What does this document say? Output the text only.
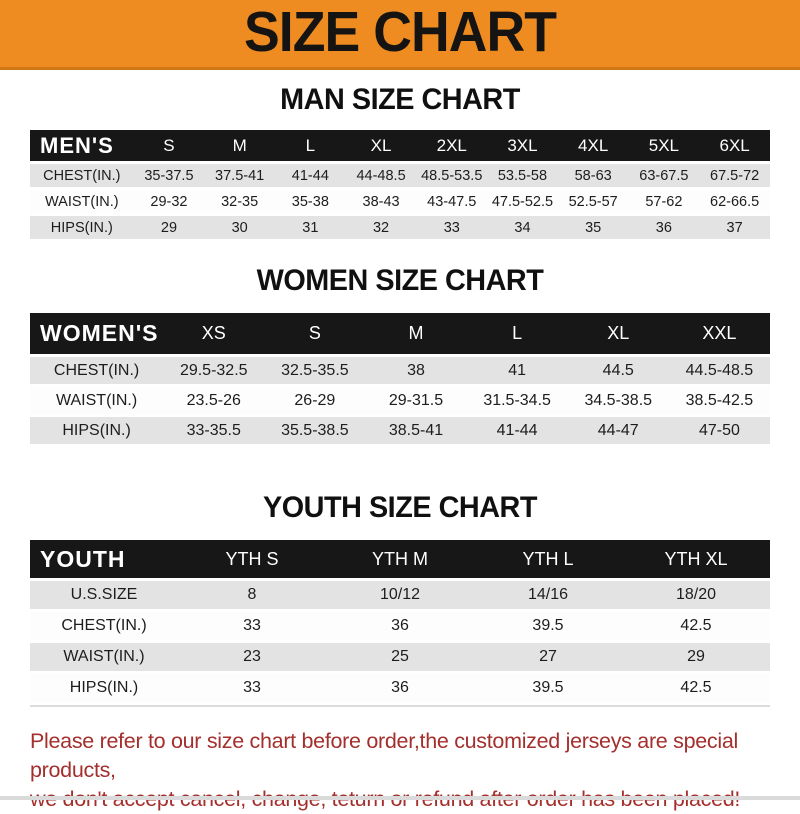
SIZE CHART
MAN SIZE CHART
MEN'S	S	M	L	XL	2XL	3XL	4XL	5XL	6XL
CHEST(IN.)	35-37.5	37.5-41	41-44	44-48.5	48.5-53.5	53.5-58	58-63	63-67.5	67.5-72
WAIST(IN.)	29-32	32-35	35-38	38-43	43-47.5	47.5-52.5	52.5-57	57-62	62-66.5
HIPS(IN.)	29	30	31	32	33	34	35	36	37
WOMEN SIZE CHART
WOMEN'S	XS	S	M	L	XL	XXL
CHEST(IN.)	29.5-32.5	32.5-35.5	38	41	44.5	44.5-48.5
WAIST(IN.)	23.5-26	26-29	29-31.5	31.5-34.5	34.5-38.5	38.5-42.5
HIPS(IN.)	33-35.5	35.5-38.5	38.5-41	41-44	44-47	47-50
YOUTH SIZE CHART
YOUTH	YTH S	YTH M	YTH L	YTH XL
U.S.SIZE	8	10/12	14/16	18/20
CHEST(IN.)	33	36	39.5	42.5
WAIST(IN.)	23	25	27	29
HIPS(IN.)	33	36	39.5	42.5

Please refer to our size chart before order,the customized jerseys are special products,
